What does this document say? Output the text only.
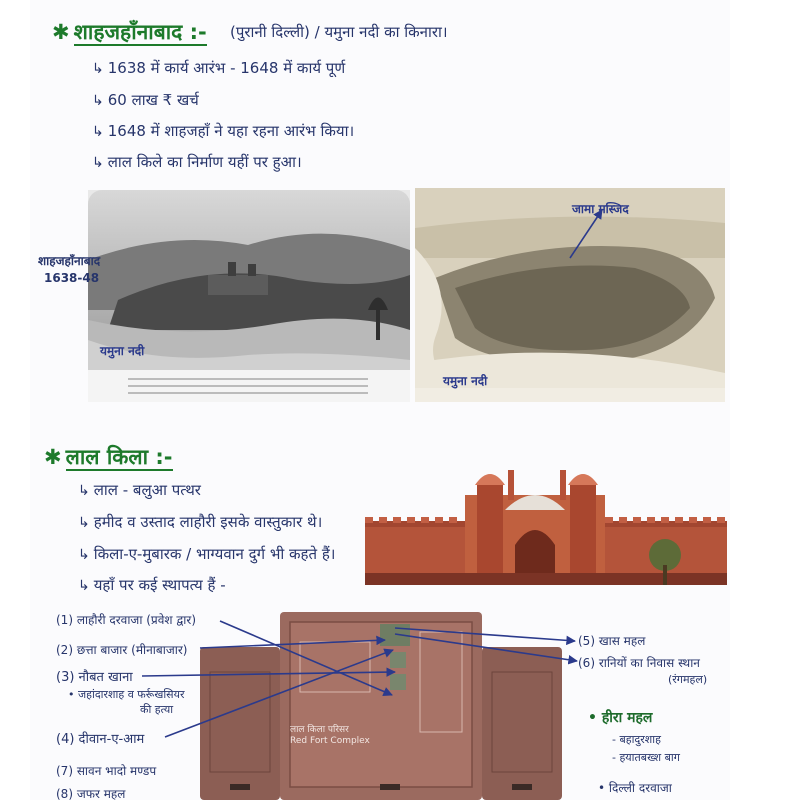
✱ शाहजहाँनाबाद :- (पुरानी दिल्ली) / यमुना नदी का किनारा।
↳ 1638 में कार्य आरंभ - 1648 में कार्य पूर्ण
↳ 60 लाख ₹ खर्च
↳ 1648 में शाहजहाँ ने यहा रहना आरंभ किया।
↳ लाल किले का निर्माण यहीं पर हुआ।
शाहजहाँनाबाद
1638-48
यमुना नदी
जामा मस्जिद
यमुना नदी
✱ लाल किला :-
↳ लाल - बलुआ पत्थर
↳ हमीद व उस्ताद लाहौरी इसके वास्तुकार थे।
↳ किला-ए-मुबारक / भाग्यवान दुर्ग भी कहते हैं।
↳ यहाँ पर कई स्थापत्य हैं -
लाल किला परिसर
Red Fort Complex
(1) लाहौरी दरवाजा (प्रवेश द्वार)
(2) छत्ता बाजार (मीनाबाजार)
(3) नौबत खाना
• जहांदारशाह व फर्रूखसियर
की हत्या
(4) दीवान-ए-आम
(7) सावन भादो मण्डप
(8) जफर महल
(5) खास महल
(6) रानियों का निवास स्थान
(रंगमहल)
• हीरा महल
- बहादुरशाह
- हयातबख्श बाग
• दिल्ली दरवाजा
